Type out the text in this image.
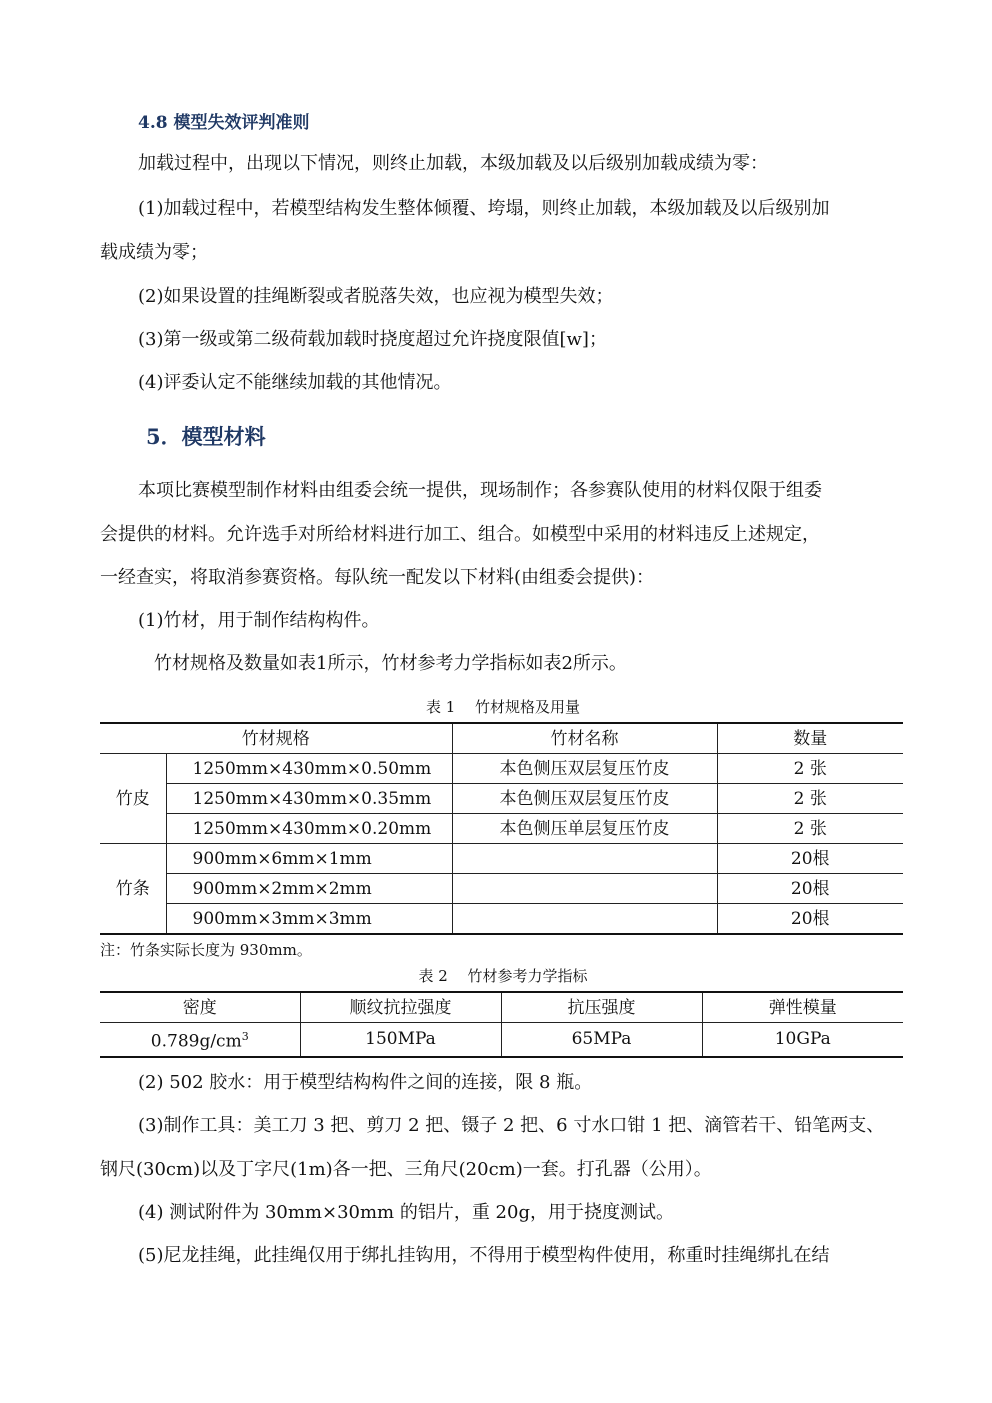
4.8 模型失效评判准则
加载过程中，出现以下情况，则终止加载，本级加载及以后级别加载成绩为零：
(1)加载过程中，若模型结构发生整体倾覆、垮塌，则终止加载，本级加载及以后级别加
载成绩为零；
(2)如果设置的挂绳断裂或者脱落失效，也应视为模型失效；
(3)第一级或第二级荷载加载时挠度超过允许挠度限值[w]；
(4)评委认定不能继续加载的其他情况。
5．模型材料
本项比赛模型制作材料由组委会统一提供，现场制作；各参赛队使用的材料仅限于组委
会提供的材料。允许选手对所给材料进行加工、组合。如模型中采用的材料违反上述规定，
一经查实，将取消参赛资格。每队统一配发以下材料(由组委会提供)：
(1)竹材，用于制作结构构件。
竹材规格及数量如表1所示，竹材参考力学指标如表2所示。
表 1　 竹材规格及用量
竹材规格		竹材名称	数量
竹皮	1250mm×430mm×0.50mm	本色侧压双层复压竹皮	2 张
	1250mm×430mm×0.35mm	本色侧压双层复压竹皮	2 张
	1250mm×430mm×0.20mm	本色侧压单层复压竹皮	2 张
竹条	900mm×6mm×1mm		20根
	900mm×2mm×2mm		20根
	900mm×3mm×3mm		20根
注：竹条实际长度为 930mm。
表 2　 竹材参考力学指标
密度	顺纹抗拉强度	抗压强度	弹性模量
$0.789g/cm^3$	150MPa	65MPa	10GPa
(2) 502 胶水：用于模型结构构件之间的连接，限 8 瓶。
(3)制作工具：美工刀 3 把、剪刀 2 把、镊子 2 把、6 寸水口钳 1 把、滴管若干、铅笔两支、
钢尺(30cm)以及丁字尺(1m)各一把、三角尺(20cm)一套。打孔器（公用）。
(4) 测试附件为 30mm×30mm 的铝片，重 20g，用于挠度测试。
(5)尼龙挂绳，此挂绳仅用于绑扎挂钩用，不得用于模型构件使用，称重时挂绳绑扎在结
